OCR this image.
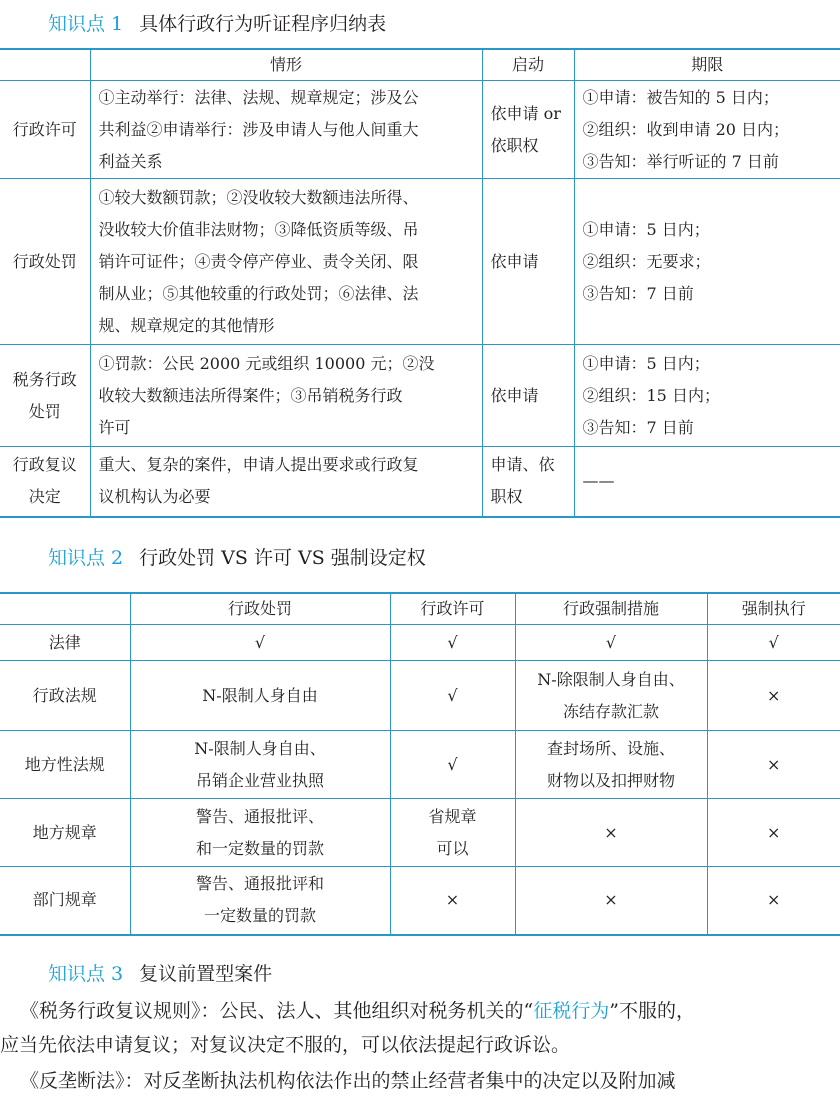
知识点 1 具体行政行为听证程序归纳表
	情形	启动	期限
行政许可	①主动举行：法律、法规、规章规定；涉及公
共利益②申请举行：涉及申请人与他人间重大
利益关系	依申请 or
依职权	①申请：被告知的 5 日内；
②组织：收到申请 20 日内；
③告知：举行听证的 7 日前

行政处罚	①较大数额罚款；②没收较大数额违法所得、
没收较大价值非法财物；③降低资质等级、吊
销许可证件；④责令停产停业、责令关闭、限
制从业；⑤其他较重的行政处罚；⑥法律、法
规、规章规定的其他情形	依申请	①申请：5 日内；
②组织：无要求；
③告知：7 日前

税务行政
处罚	①罚款：公民 2000 元或组织 10000 元；②没
收较大数额违法所得案件；③吊销税务行政
许可	依申请	①申请：5 日内；
②组织：15 日内；
③告知：7 日前

行政复议
决定	重大、复杂的案件，申请人提出要求或行政复
议机构认为必要	申请、依
职权	——
知识点 2 行政处罚 VS 许可 VS 强制设定权
	行政处罚	行政许可	行政强制措施	强制执行
法律	√	√	√	√
行政法规	N-限制人身自由	√	N-除限制人身自由、
冻结存款汇款	×
地方性法规	N-限制人身自由、
吊销企业营业执照	√	查封场所、设施、
财物以及扣押财物	×
地方规章	警告、通报批评、
和一定数量的罚款	省规章
可以	×	×
部门规章	警告、通报批评和
一定数量的罚款	×	×	×
知识点 3 复议前置型案件
《税务行政复议规则》：公民、法人、其他组织对税务机关的“征税行为”不服的，
应当先依法申请复议；对复议决定不服的，可以依法提起行政诉讼。
《反垄断法》：对反垄断执法机构依法作出的禁止经营者集中的决定以及附加减
